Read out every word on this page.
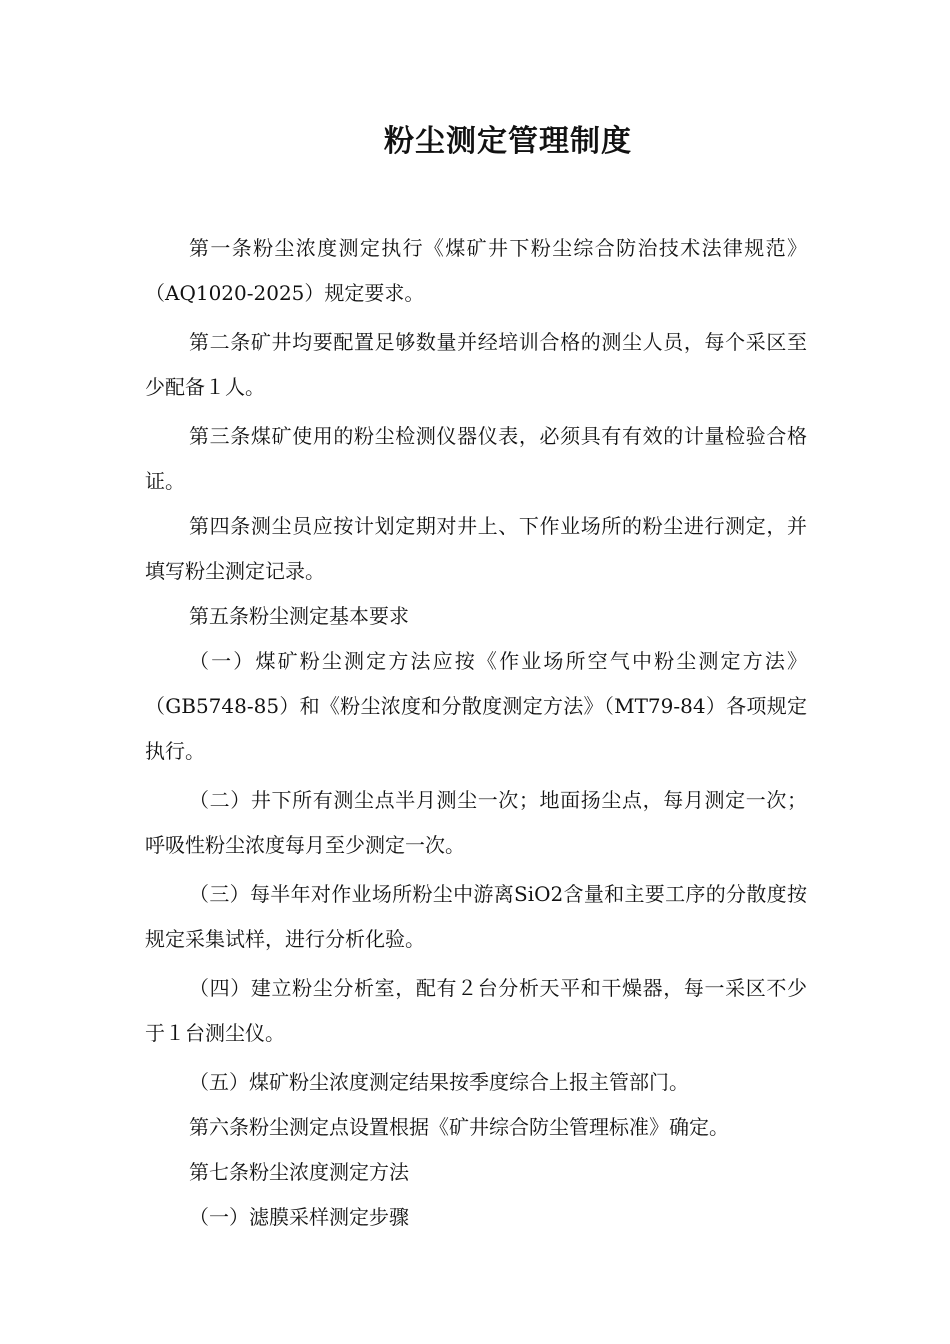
粉尘测定管理制度

第一条粉尘浓度测定执行《煤矿井下粉尘综合防治技术法律规范》（AQ1020-2025）规定要求。

第二条矿井均要配置足够数量并经培训合格的测尘人员，每个采区至少配备１人。

第三条煤矿使用的粉尘检测仪器仪表，必须具有有效的计量检验合格证。

第四条测尘员应按计划定期对井上、下作业场所的粉尘进行测定，并填写粉尘测定记录。

第五条粉尘测定基本要求

（一）煤矿粉尘测定方法应按《作业场所空气中粉尘测定方法》（GB5748-85）和《粉尘浓度和分散度测定方法》（MT79-84）各项规定执行。

（二）井下所有测尘点半月测尘一次；地面扬尘点，每月测定一次；呼吸性粉尘浓度每月至少测定一次。

（三）每半年对作业场所粉尘中游离SiO2含量和主要工序的分散度按规定采集试样，进行分析化验。

（四）建立粉尘分析室，配有２台分析天平和干燥器，每一采区不少于１台测尘仪。

（五）煤矿粉尘浓度测定结果按季度综合上报主管部门。

第六条粉尘测定点设置根据《矿井综合防尘管理标准》确定。

第七条粉尘浓度测定方法

（一）滤膜采样测定步骤
